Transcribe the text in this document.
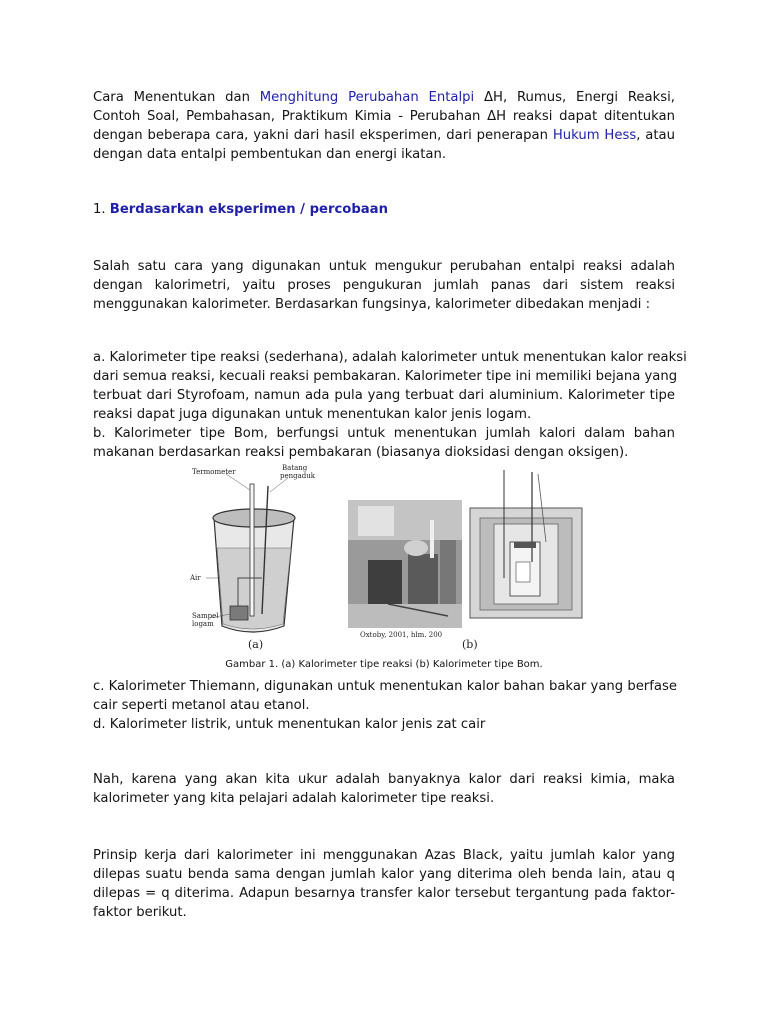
Cara Menentukan dan Menghitung Perubahan Entalpi ΔH, Rumus, Energi Reaksi,
Contoh Soal, Pembahasan, Praktikum Kimia - Perubahan ΔH reaksi dapat ditentukan
dengan beberapa cara, yakni dari hasil eksperimen, dari penerapan Hukum Hess, atau
dengan data entalpi pembentukan dan energi ikatan.
1. Berdasarkan eksperimen / percobaan
Salah satu cara yang digunakan untuk mengukur perubahan entalpi reaksi adalah
dengan kalorimetri, yaitu proses pengukuran jumlah panas dari sistem reaksi
menggunakan kalorimeter. Berdasarkan fungsinya, kalorimeter dibedakan menjadi :
a. Kalorimeter tipe reaksi (sederhana), adalah kalorimeter untuk menentukan kalor reaksi
dari semua reaksi, kecuali reaksi pembakaran. Kalorimeter tipe ini memiliki bejana yang
terbuat dari Styrofoam, namun ada pula yang terbuat dari aluminium. Kalorimeter tipe
reaksi dapat juga digunakan untuk menentukan kalor jenis logam.
b. Kalorimeter tipe Bom, berfungsi untuk menentukan jumlah kalori dalam bahan
makanan berdasarkan reaksi pembakaran (biasanya dioksidasi dengan oksigen).
Termometer	Batang
pengaduk
Air
Sampel
logam
(a)
Oxtoby, 2001, hlm. 200
(b)
Gambar 1. (a) Kalorimeter tipe reaksi (b) Kalorimeter tipe Bom.
c. Kalorimeter Thiemann, digunakan untuk menentukan kalor bahan bakar yang berfase
cair seperti metanol atau etanol.
d. Kalorimeter listrik, untuk menentukan kalor jenis zat cair
Nah, karena yang akan kita ukur adalah banyaknya kalor dari reaksi kimia, maka
kalorimeter yang kita pelajari adalah kalorimeter tipe reaksi.
Prinsip kerja dari kalorimeter ini menggunakan Azas Black, yaitu jumlah kalor yang
dilepas suatu benda sama dengan jumlah kalor yang diterima oleh benda lain, atau q
dilepas = q diterima. Adapun besarnya transfer kalor tersebut tergantung pada faktor-
faktor berikut.
